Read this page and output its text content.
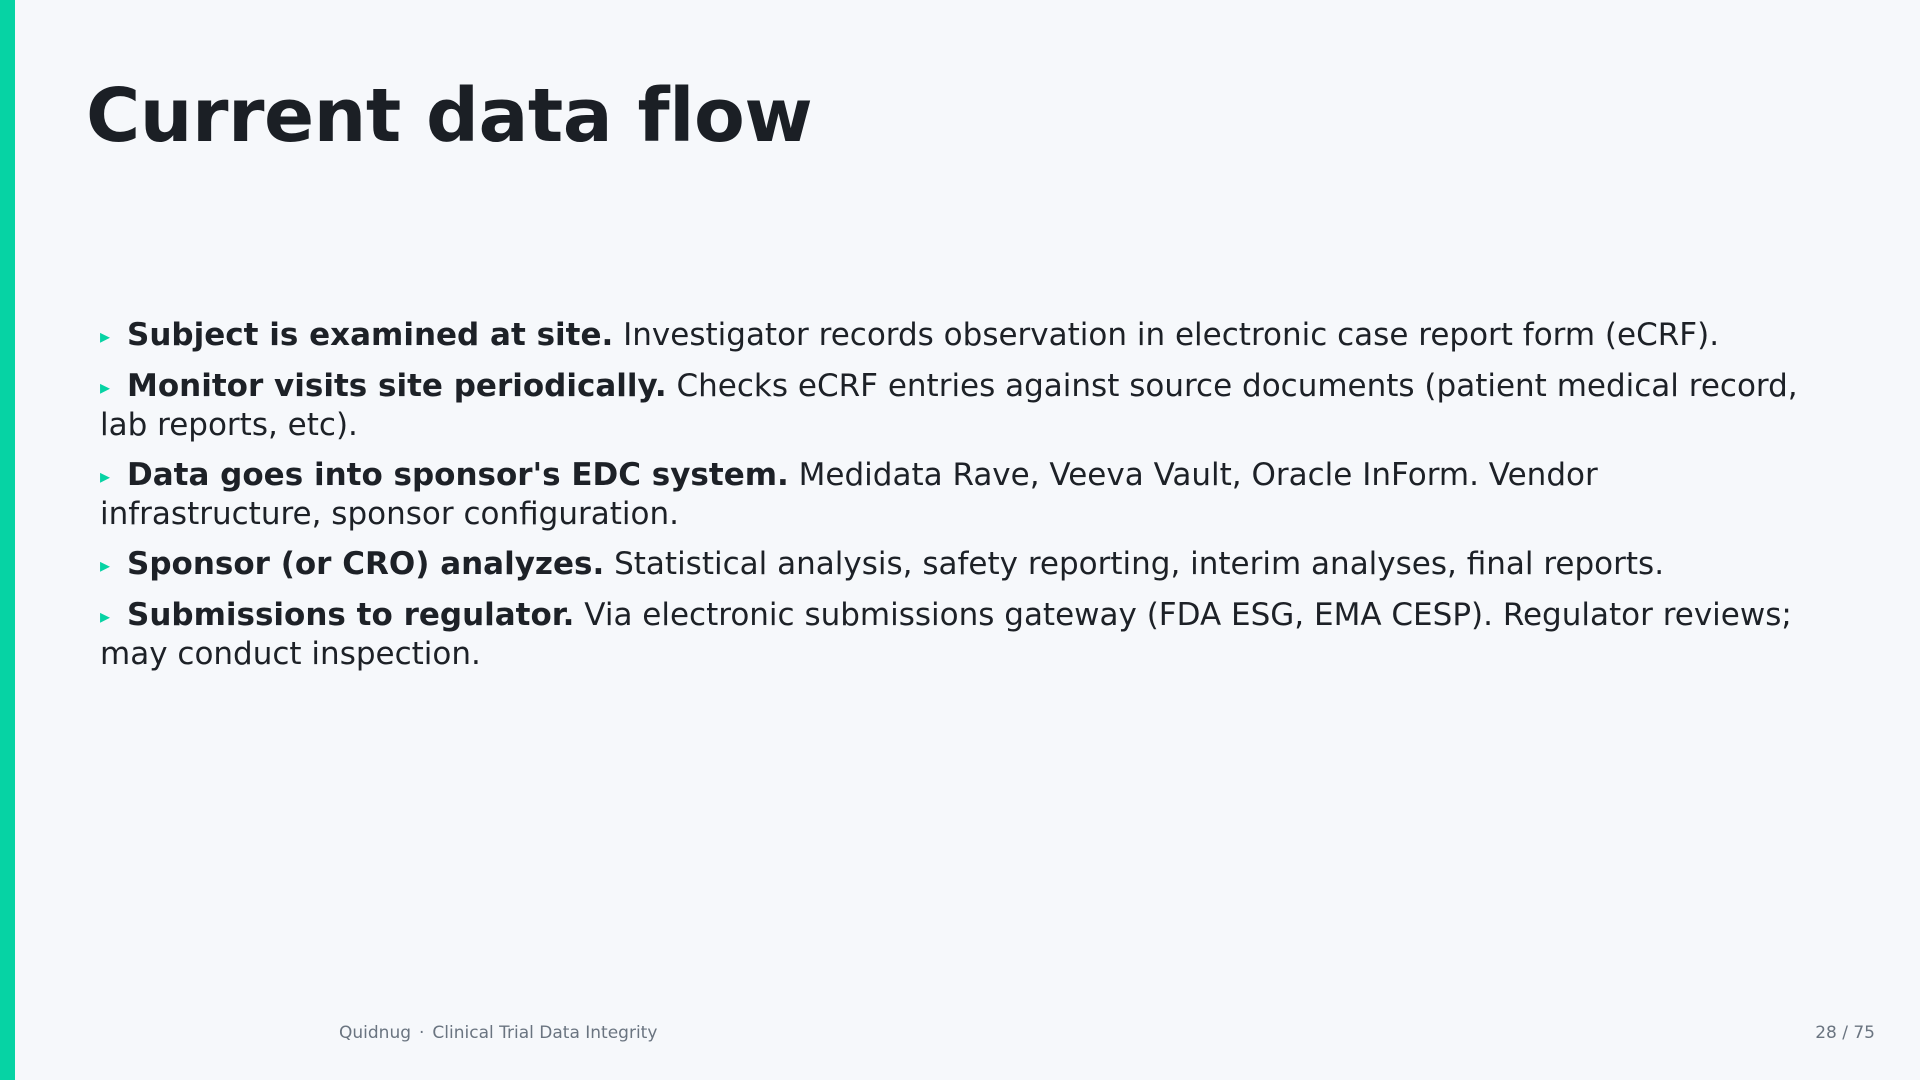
Current data flow
▸ Subject is examined at site. Investigator records observation in electronic case report form (eCRF).
▸ Monitor visits site periodically. Checks eCRF entries against source documents (patient medical record, lab reports, etc).
▸ Data goes into sponsor's EDC system. Medidata Rave, Veeva Vault, Oracle InForm. Vendor infrastructure, sponsor configuration.
▸ Sponsor (or CRO) analyzes. Statistical analysis, safety reporting, interim analyses, final reports.
▸ Submissions to regulator. Via electronic submissions gateway (FDA ESG, EMA CESP). Regulator reviews; may conduct inspection.
Quidnug · Clinical Trial Data Integrity	28 / 75
